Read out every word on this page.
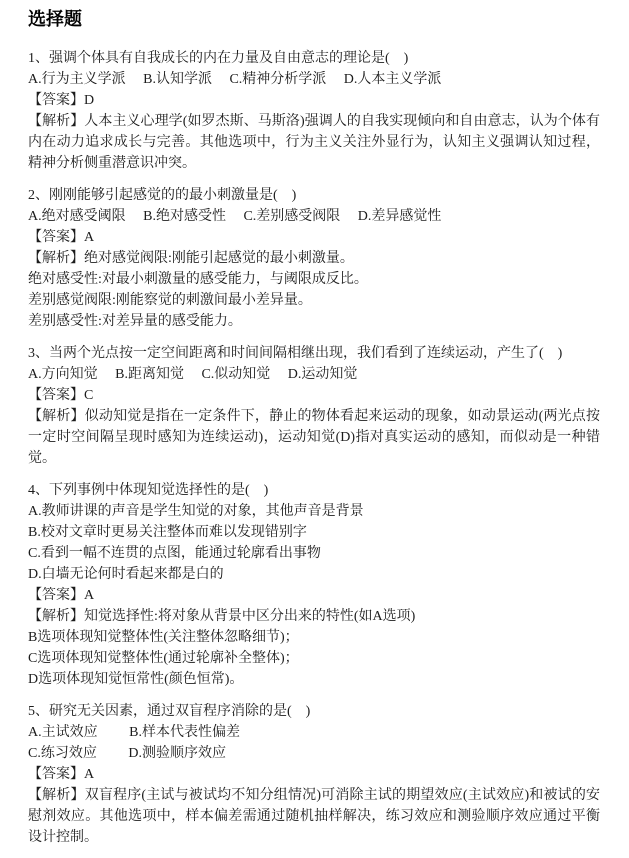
选择题
1、强调个体具有自我成长的内在力量及自由意志的理论是(　)
A.行为主义学派　 B.认知学派　 C.精神分析学派　 D.人本主义学派
【答案】D
【解析】人本主义心理学(如罗杰斯、马斯洛)强调人的自我实现倾向和自由意志，认为个体有内在动力追求成长与完善。其他选项中，行为主义关注外显行为，认知主义强调认知过程，精神分析侧重潜意识冲突。
2、刚刚能够引起感觉的的最小刺激量是(　)
A.绝对感受阈限　 B.绝对感受性　 C.差别感受阀限　 D.差异感觉性
【答案】A
【解析】绝对感觉阀限:刚能引起感觉的最小刺激量。
绝对感受性:对最小刺激量的感受能力，与阈限成反比。
差别感觉阀限:刚能察觉的刺激间最小差异量。
差别感受性:对差异量的感受能力。
3、当两个光点按一定空间距离和时间间隔相继出现，我们看到了连续运动，产生了(　)
A.方向知觉　 B.距离知觉　 C.似动知觉　 D.运动知觉
【答案】C
【解析】似动知觉是指在一定条件下，静止的物体看起来运动的现象，如动景运动(两光点按一定时空间隔呈现时感知为连续运动)，运动知觉(D)指对真实运动的感知，而似动是一种错觉。
4、下列事例中体现知觉选择性的是(　)
A.教师讲课的声音是学生知觉的对象，其他声音是背景
B.校对文章时更易关注整体而难以发现错别字
C.看到一幅不连贯的点图，能通过轮廓看出事物
D.白墙无论何时看起来都是白的
【答案】A
【解析】知觉选择性:将对象从背景中区分出来的特性(如A选项)
B选项体现知觉整体性(关注整体忽略细节)；
C选项体现知觉整体性(通过轮廓补全整体)；
D选项体现知觉恒常性(颜色恒常)。
5、研究无关因素，通过双盲程序消除的是(　)
A.主试效应　　 B.样本代表性偏差
C.练习效应　　 D.测验顺序效应
【答案】A
【解析】双盲程序(主试与被试均不知分组情况)可消除主试的期望效应(主试效应)和被试的安慰剂效应。其他选项中，样本偏差需通过随机抽样解决，练习效应和测验顺序效应通过平衡设计控制。
